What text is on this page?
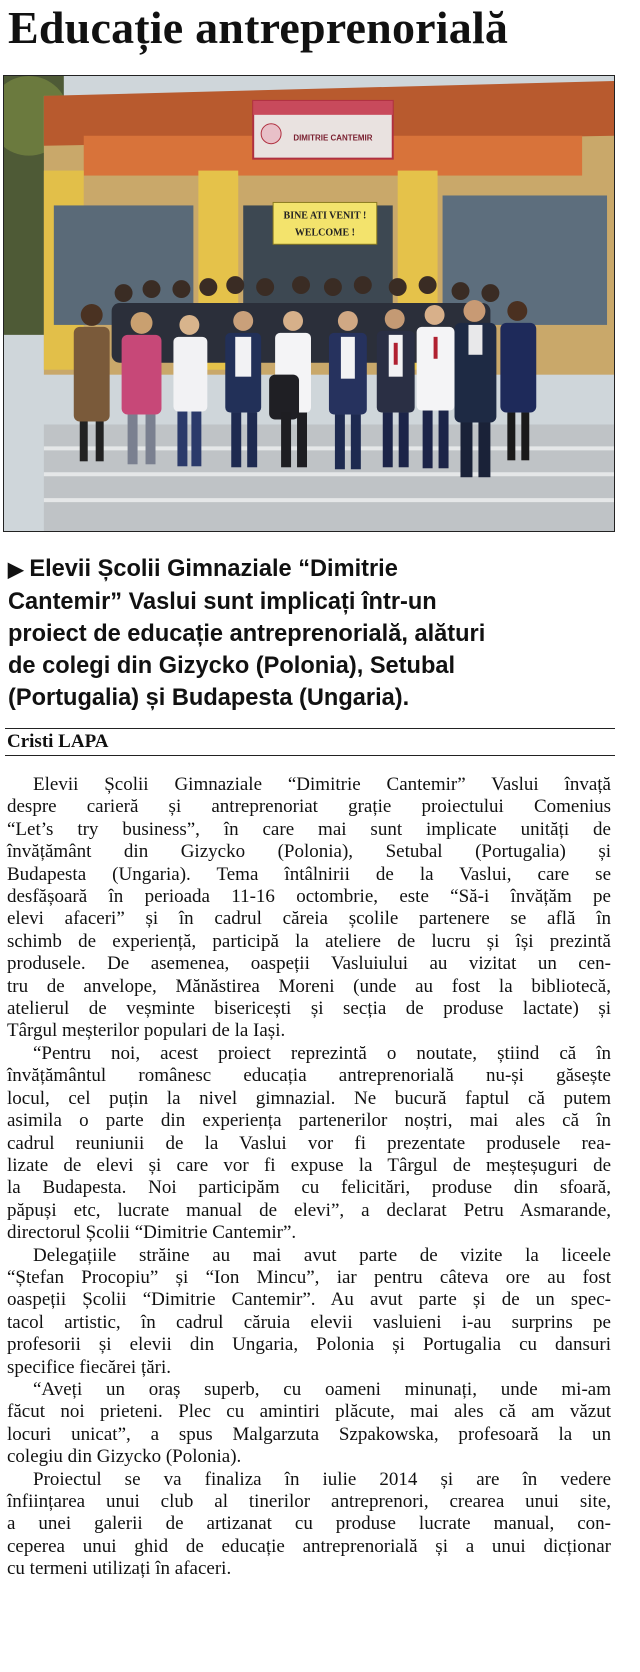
Educație antreprenorială
DIMITRIE CANTEMIR
BINE ATI VENIT !
WELCOME !
▶ Elevii Școlii Gimnaziale “Dimitrie
Cantemir” Vaslui sunt implicați într-un
proiect de educație antreprenorială, alături
de colegi din Gizycko (Polonia), Setubal
(Portugalia) și Budapesta (Ungaria).
Cristi LAPA
Elevii Școlii Gimnaziale “Dimitrie Cantemir” Vaslui învață
despre carieră și antreprenoriat grație proiectului Comenius
“Let’s try business”, în care mai sunt implicate unități de
învățământ din Gizycko (Polonia), Setubal (Portugalia) și
Budapesta (Ungaria). Tema întâlnirii de la Vaslui, care se
desfășoară în perioada 11-16 octombrie, este “Să-i învățăm pe
elevi afaceri” și în cadrul căreia școlile partenere se află în
schimb de experiență, participă la ateliere de lucru și își prezintă
produsele. De asemenea, oaspeții Vasluiului au vizitat un cen-
tru de anvelope, Mănăstirea Moreni (unde au fost la bibliotecă,
atelierul de veșminte bisericești și secția de produse lactate) și
Târgul meșterilor populari de la Iași.
“Pentru noi, acest proiect reprezintă o noutate, știind că în
învățământul românesc educația antreprenorială nu-și găsește
locul, cel puțin la nivel gimnazial. Ne bucură faptul că putem
asimila o parte din experiența partenerilor noștri, mai ales că în
cadrul reuniunii de la Vaslui vor fi prezentate produsele rea-
lizate de elevi și care vor fi expuse la Târgul de meșteșuguri de
la Budapesta. Noi participăm cu felicitări, produse din sfoară,
păpuși etc, lucrate manual de elevi”, a declarat Petru Asmarande,
directorul Școlii “Dimitrie Cantemir”.
Delegațiile străine au mai avut parte de vizite la liceele
“Ștefan Procopiu” și “Ion Mincu”, iar pentru câteva ore au fost
oaspeții Școlii “Dimitrie Cantemir”. Au avut parte și de un spec-
tacol artistic, în cadrul căruia elevii vasluieni i-au surprins pe
profesorii și elevii din Ungaria, Polonia și Portugalia cu dansuri
specifice fiecărei țări.
“Aveți un oraș superb, cu oameni minunați, unde mi-am
făcut noi prieteni. Plec cu amintiri plăcute, mai ales că am văzut
locuri unicat”, a spus Malgarzuta Szpakowska, profesoară la un
colegiu din Gizycko (Polonia).
Proiectul se va finaliza în iulie 2014 și are în vedere
înființarea unui club al tinerilor antreprenori, crearea unui site,
a unei galerii de artizanat cu produse lucrate manual, con-
ceperea unui ghid de educație antreprenorială și a unui dicționar
cu termeni utilizați în afaceri.
